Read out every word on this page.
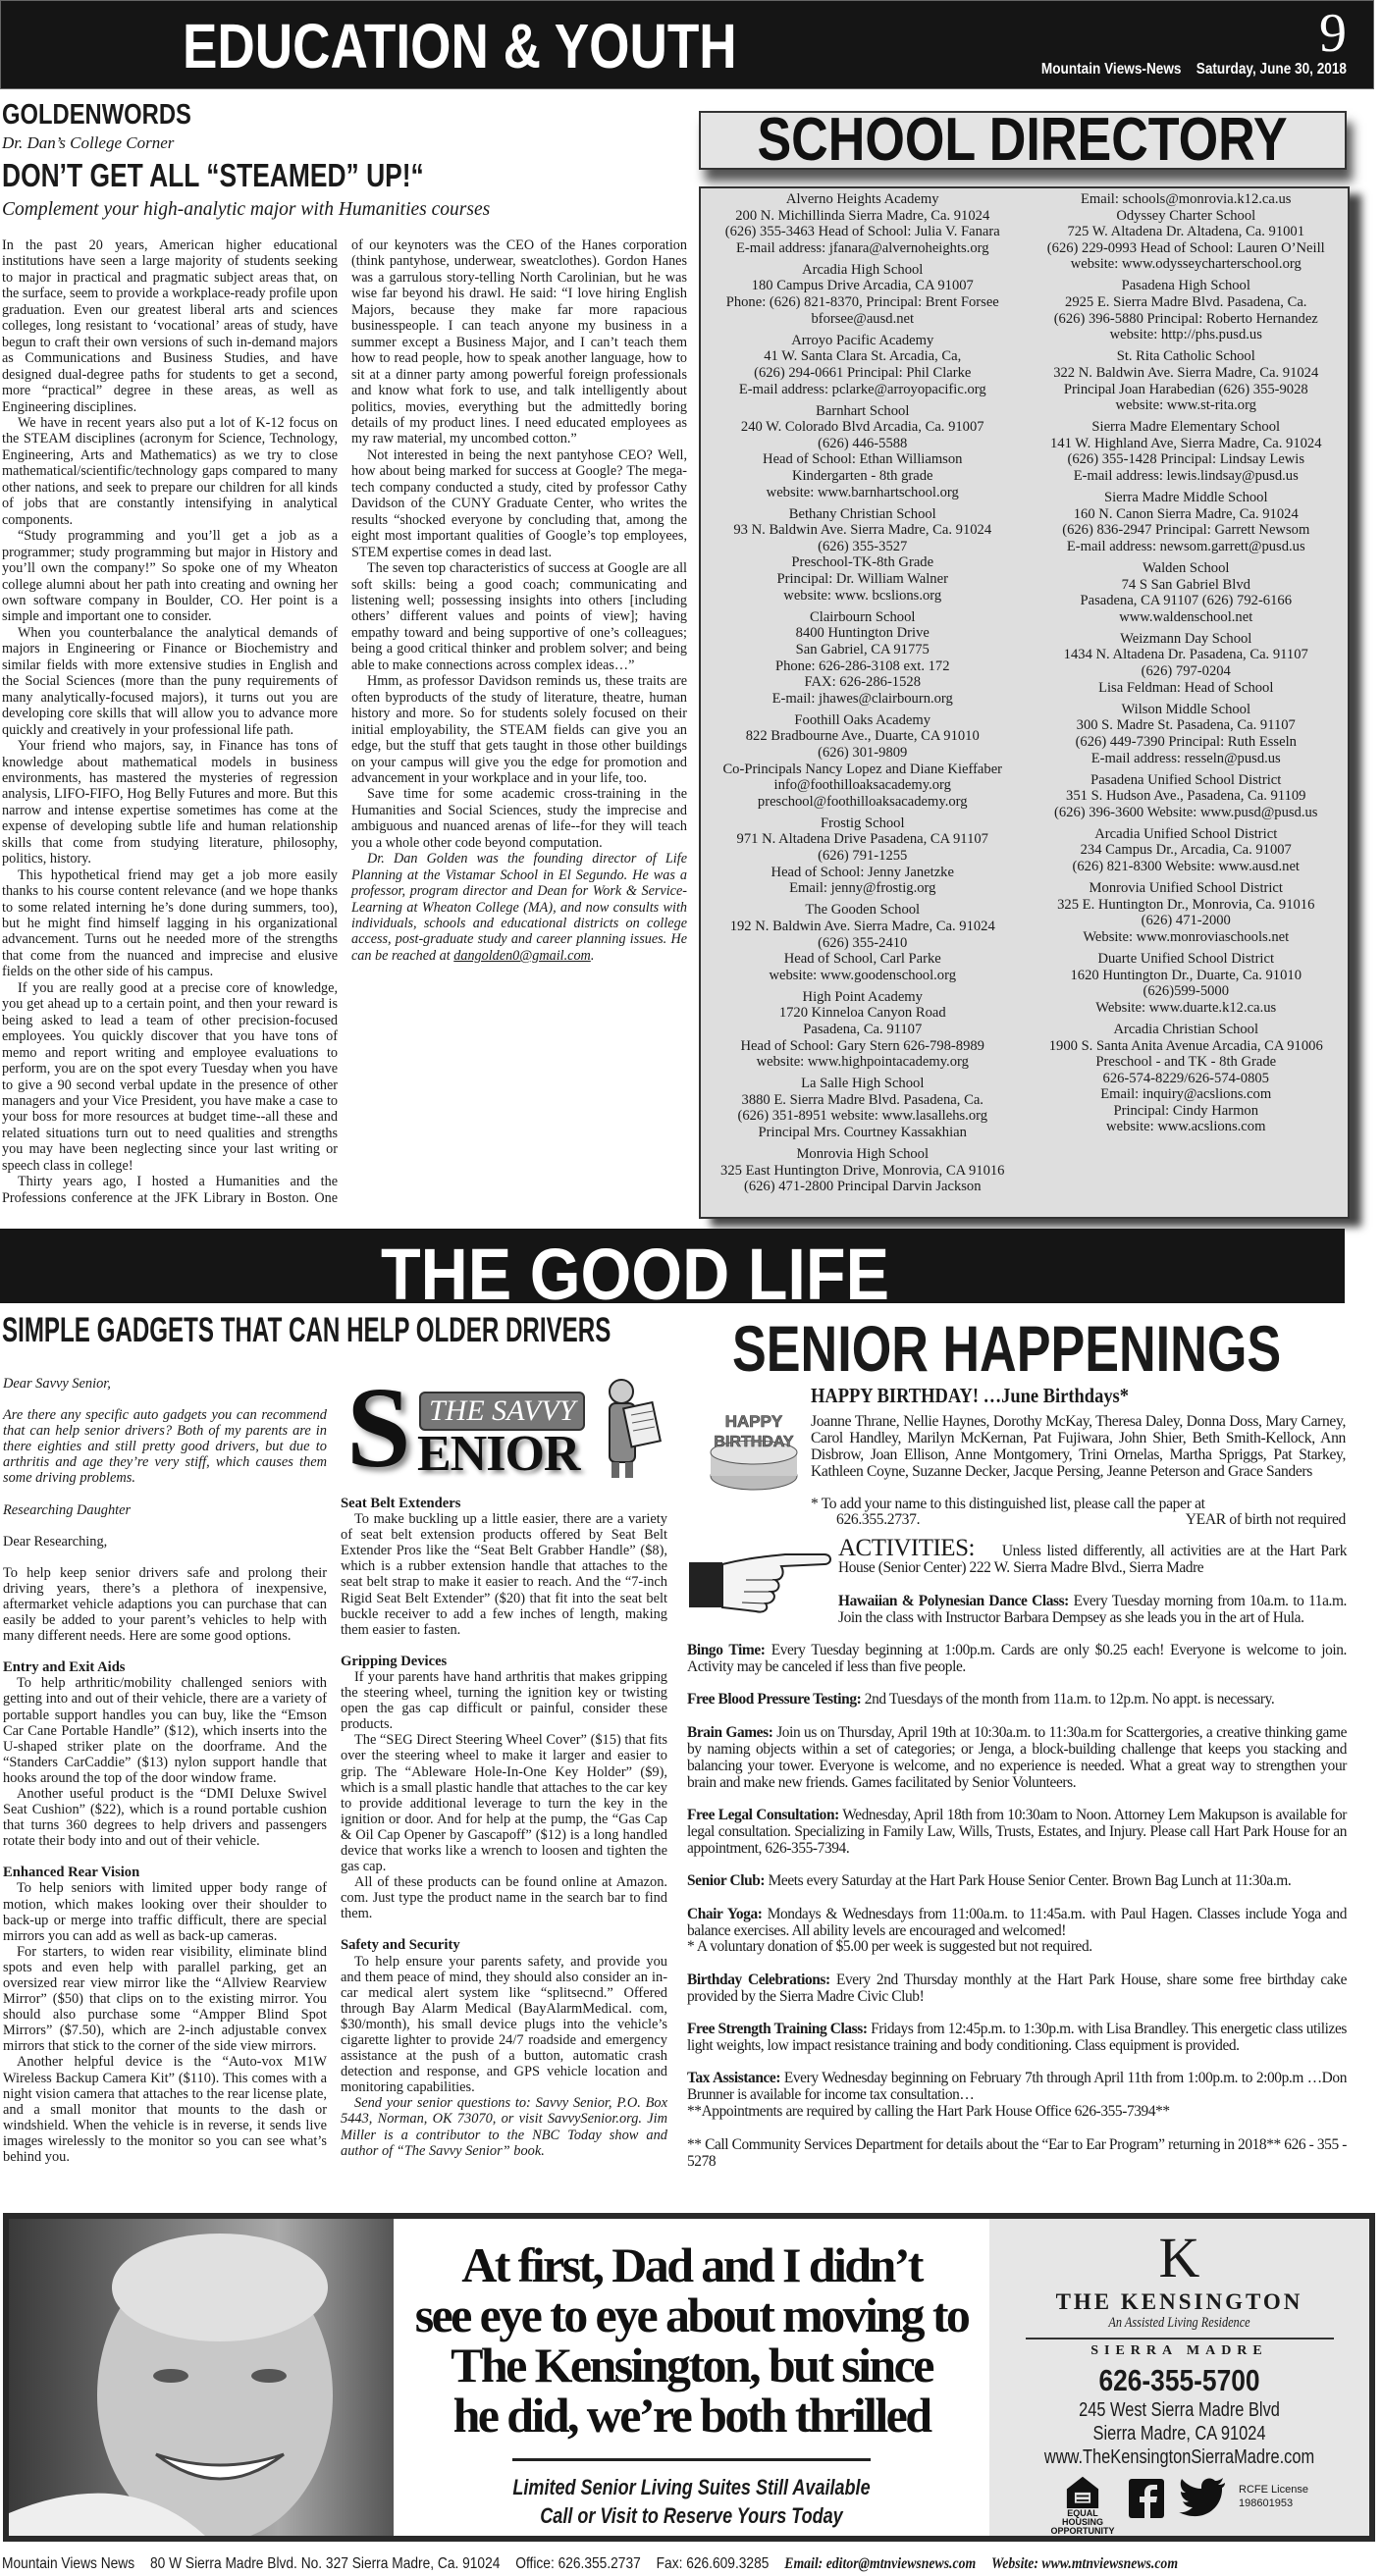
EDUCATION & YOUTH	9
Mountain Views-News Saturday, June 30, 2018
GOLDENWORDS
Dr. Dan’s College Corner
DON’T GET ALL “STEAMED” UP!“
Complement your high-analytic major with Humanities courses

In the past 20 years, American higher educational institutions have seen a large majority of students seeking to major in practical and pragmatic subject areas that, on the surface, seem to provide a workplace-ready profile upon graduation. Even our greatest liberal arts and sciences colleges, long resistant to ‘vocational’ areas of study, have begun to craft their own versions of such in-demand majors as Communications and Business Studies, and have designed dual-degree paths for students to get a second, more “practical” degree in these areas, as well as Engineering disciplines.

We have in recent years also put a lot of K-12 focus on the STEAM disciplines (acronym for Science, Technology, Engineering, Arts and Mathematics) as we try to close mathematical/scientific/technology gaps compared to many other nations, and seek to prepare our children for all kinds of jobs that are constantly intensifying in analytical components.

“Study programming and you’ll get a job as a programmer; study programming but major in History and you’ll own the company!” So spoke one of my Wheaton college alumni about her path into creating and owning her own software company in Boulder, CO. Her point is a simple and important one to consider.

When you counterbalance the analytical demands of majors in Engineering or Finance or Biochemistry and similar fields with more extensive studies in English and the Social Sciences (more than the puny requirements of many analytically-focused majors), it turns out you are developing core skills that will allow you to advance more quickly and creatively in your professional life path.

Your friend who majors, say, in Finance has tons of knowledge about mathematical models in business environments, has mastered the mysteries of regression analysis, LIFO-FIFO, Hog Belly Futures and more. But this narrow and intense expertise sometimes has come at the expense of developing subtle life and human relationship skills that come from studying literature, philosophy, politics, history.

This hypothetical friend may get a job more easily thanks to his course content relevance (and we hope thanks to some related interning he’s done during summers, too), but he might find himself lagging in his organizational advancement. Turns out he needed more of the strengths that come from the nuanced and imprecise and elusive fields on the other side of his campus.

If you are really good at a precise core of knowledge, you get ahead up to a certain point, and then your reward is being asked to lead a team of other precision-focused employees. You quickly discover that you have tons of memo and report writing and employee evaluations to perform, you are on the spot every Tuesday when you have to give a 90 second verbal update in the presence of other managers and your Vice President, you have make a case to your boss for more resources at budget time--all these and related situations turn out to need qualities and strengths you may have been neglecting since your last writing or speech class in college!

Thirty years ago, I hosted a Humanities and the Professions conference at the JFK Library in Boston. One of our keynoters was the CEO of the Hanes corporation (think pantyhose, underwear, sweatclothes). Gordon Hanes was a garrulous story-telling North Carolinian, but he was wise far beyond his drawl. He said: “I love hiring English Majors, because they make far more rapacious businesspeople. I can teach anyone my business in a summer except a Business Major, and I can’t teach them how to read people, how to speak another language, how to sit at a dinner party among powerful foreign professionals and know what fork to use, and talk intelligently about politics, movies, everything but the admittedly boring details of my product lines. I need educated employees as my raw material, my uncombed cotton.”

Not interested in being the next pantyhose CEO? Well, how about being marked for success at Google? The mega-tech company conducted a study, cited by professor Cathy Davidson of the CUNY Graduate Center, who writes the results “shocked everyone by concluding that, among the eight most important qualities of Google’s top employees, STEM expertise comes in dead last.

The seven top characteristics of success at Google are all soft skills: being a good coach; communicating and listening well; possessing insights into others [including others’ different values and points of view]; having empathy toward and being supportive of one’s colleagues; being a good critical thinker and problem solver; and being able to make connections across complex ideas…”

Hmm, as professor Davidson reminds us, these traits are often byproducts of the study of literature, theatre, human history and more. So for students solely focused on their initial employability, the STEAM fields can give you an edge, but the stuff that gets taught in those other buildings on your campus will give you the edge for promotion and advancement in your workplace and in your life, too.

Save time for some academic cross-training in the Humanities and Social Sciences, study the imprecise and ambiguous and nuanced arenas of life--for they will teach you a whole other code beyond computation.

Dr. Dan Golden was the founding director of Life Planning at the Vistamar School in El Segundo. He was a professor, program director and Dean for Work & Service-Learning at Wheaton College (MA), and now consults with individuals, schools and educational districts on college access, post-graduate study and career planning issues. He can be reached at dangolden0@gmail.com.

SCHOOL DIRECTORY
Alverno Heights Academy
200 N. Michillinda Sierra Madre, Ca. 91024
(626) 355-3463 Head of School: Julia V. Fanara
E-mail address: jfanara@alvernoheights.org
Arcadia High School
180 Campus Drive Arcadia, CA 91007
Phone: (626) 821-8370, Principal: Brent Forsee
bforsee@ausd.net
Arroyo Pacific Academy
41 W. Santa Clara St. Arcadia, Ca,
(626) 294-0661 Principal: Phil Clarke
E-mail address: pclarke@arroyopacific.org
Barnhart School
240 W. Colorado Blvd Arcadia, Ca. 91007
(626) 446-5588
Head of School: Ethan Williamson
Kindergarten - 8th grade
website: www.barnhartschool.org
Bethany Christian School
93 N. Baldwin Ave. Sierra Madre, Ca. 91024
(626) 355-3527
Preschool-TK-8th Grade
Principal: Dr. William Walner
website: www. bcslions.org
Clairbourn School
8400 Huntington Drive
San Gabriel, CA 91775
Phone: 626-286-3108 ext. 172
FAX: 626-286-1528
E-mail: jhawes@clairbourn.org
Foothill Oaks Academy
822 Bradbourne Ave., Duarte, CA 91010
(626) 301-9809
Co-Principals Nancy Lopez and Diane Kieffaber
info@foothilloaksacademy.org
preschool@foothilloaksacademy.org
Frostig School
971 N. Altadena Drive Pasadena, CA 91107
(626) 791-1255
Head of School: Jenny Janetzke
Email: jenny@frostig.org
The Gooden School
192 N. Baldwin Ave. Sierra Madre, Ca. 91024
(626) 355-2410
Head of School, Carl Parke
website: www.goodenschool.org
High Point Academy
1720 Kinneloa Canyon Road
Pasadena, Ca. 91107
Head of School: Gary Stern 626-798-8989
website: www.highpointacademy.org
La Salle High School
3880 E. Sierra Madre Blvd. Pasadena, Ca.
(626) 351-8951 website: www.lasallehs.org
Principal Mrs. Courtney Kassakhian
Monrovia High School
325 East Huntington Drive, Monrovia, CA 91016
(626) 471-2800 Principal Darvin Jackson
Email: schools@monrovia.k12.ca.us
Odyssey Charter School
725 W. Altadena Dr. Altadena, Ca. 91001
(626) 229-0993 Head of School: Lauren O’Neill
website: www.odysseycharterschool.org
Pasadena High School
2925 E. Sierra Madre Blvd. Pasadena, Ca.
(626) 396-5880 Principal: Roberto Hernandez
website: http://phs.pusd.us
St. Rita Catholic School
322 N. Baldwin Ave. Sierra Madre, Ca. 91024
Principal Joan Harabedian (626) 355-9028
website: www.st-rita.org
Sierra Madre Elementary School
141 W. Highland Ave, Sierra Madre, Ca. 91024
(626) 355-1428 Principal: Lindsay Lewis
E-mail address: lewis.lindsay@pusd.us
Sierra Madre Middle School
160 N. Canon Sierra Madre, Ca. 91024
(626) 836-2947 Principal: Garrett Newsom
E-mail address: newsom.garrett@pusd.us
Walden School
74 S San Gabriel Blvd
Pasadena, CA 91107 (626) 792-6166
www.waldenschool.net
Weizmann Day School
1434 N. Altadena Dr. Pasadena, Ca. 91107
(626) 797-0204
Lisa Feldman: Head of School
Wilson Middle School
300 S. Madre St. Pasadena, Ca. 91107
(626) 449-7390 Principal: Ruth Esseln
E-mail address: resseln@pusd.us
Pasadena Unified School District
351 S. Hudson Ave., Pasadena, Ca. 91109
(626) 396-3600 Website: www.pusd@pusd.us
Arcadia Unified School District
234 Campus Dr., Arcadia, Ca. 91007
(626) 821-8300 Website: www.ausd.net
Monrovia Unified School District
325 E. Huntington Dr., Monrovia, Ca. 91016
(626) 471-2000
Website: www.monroviaschools.net
Duarte Unified School District
1620 Huntington Dr., Duarte, Ca. 91010
(626)599-5000
Website: www.duarte.k12.ca.us
Arcadia Christian School
1900 S. Santa Anita Avenue Arcadia, CA 91006
Preschool - and TK - 8th Grade
626-574-8229/626-574-0805
Email: inquiry@acslions.com
Principal: Cindy Harmon
website: www.acslions.com
THE GOOD LIFE
SIMPLE GADGETS THAT CAN HELP OLDER DRIVERS

Dear Savvy Senior,

Are there any specific auto gadgets you can recommend that can help senior drivers? Both of my parents are in there eighties and still pretty good drivers, but due to arthritis and age they’re very stiff, which causes them some driving problems.

Researching Daughter

Dear Researching,

To help keep senior drivers safe and prolong their driving years, there’s a plethora of inexpensive, aftermarket vehicle adaptions you can purchase that can easily be added to your parent’s vehicles to help with many different needs. Here are some good options.

Entry and Exit Aids

To help arthritic/mobility challenged seniors with getting into and out of their vehicle, there are a variety of portable support handles you can buy, like the “Emson Car Cane Portable Handle” ($12), which inserts into the U-shaped striker plate on the doorframe. And the “Standers CarCaddie” ($13) nylon support handle that hooks around the top of the door window frame.

Another useful product is the “DMI Deluxe Swivel Seat Cushion” ($22), which is a round portable cushion that turns 360 degrees to help drivers and passengers rotate their body into and out of their vehicle.

Enhanced Rear Vision

To help seniors with limited upper body range of motion, which makes looking over their shoulder to back-up or merge into traffic difficult, there are special mirrors you can add as well as back-up cameras.

For starters, to widen rear visibility, eliminate blind spots and even help with parallel parking, get an oversized rear view mirror like the “Allview Rearview Mirror” ($50) that clips on to the existing mirror. You should also purchase some “Ampper Blind Spot Mirrors” ($7.50), which are 2-inch adjustable convex mirrors that stick to the corner of the side view mirrors.

Another helpful device is the “Auto-vox M1W Wireless Backup Camera Kit” ($110). This comes with a night vision camera that attaches to the rear license plate, and a small monitor that mounts to the dash or windshield. When the vehicle is in reverse, it sends live images wirelessly to the monitor so you can see what’s behind you.

S THE SAVVY
ENIOR
Seat Belt Extenders

To make buckling up a little easier, there are a variety of seat belt extension products offered by Seat Belt Extender Pros like the “Seat Belt Grabber Handle” ($8), which is a rubber extension handle that attaches to the seat belt strap to make it easier to reach. And the “7-inch Rigid Seat Belt Extender” ($20) that fit into the seat belt buckle receiver to add a few inches of length, making them easier to fasten.

Gripping Devices

If your parents have hand arthritis that makes gripping the steering wheel, turning the ignition key or twisting open the gas cap difficult or painful, consider these products.

The “SEG Direct Steering Wheel Cover” ($15) that fits over the steering wheel to make it larger and easier to grip. The “Ableware Hole-In-One Key Holder” ($9), which is a small plastic handle that attaches to the car key to provide additional leverage to turn the key in the ignition or door. And for help at the pump, the “Gas Cap & Oil Cap Opener by Gascapoff” ($12) is a long handled device that works like a wrench to loosen and tighten the gas cap.

All of these products can be found online at Amazon. com. Just type the product name in the search bar to find them.

Safety and Security

To help ensure your parents safety, and provide you and them peace of mind, they should also consider an in-car medical alert system like “splitsecnd.” Offered through Bay Alarm Medical (BayAlarmMedical. com, $30/month), his small device plugs into the vehicle’s cigarette lighter to provide 24/7 roadside and emergency assistance at the push of a button, automatic crash detection and response, and GPS vehicle location and monitoring capabilities.

Send your senior questions to: Savvy Senior, P.O. Box 5443, Norman, OK 73070, or visit SavvySenior.org. Jim Miller is a contributor to the NBC Today show and author of “The Savvy Senior” book.

SENIOR HAPPENINGS
HAPPY
BIRTHDAY
HAPPY BIRTHDAY! …June Birthdays*
Joanne Thrane, Nellie Haynes, Dorothy McKay, Theresa Daley, Donna Doss, Mary Carney, Carol Handley, Marilyn McKernan, Pat Fujiwara, John Shier, Beth Smith-Kellock, Ann Disbrow, Joan Ellison, Anne Montgomery, Trini Ornelas, Martha Spriggs, Pat Starkey, Kathleen Coyne, Suzanne Decker, Jacque Persing, Jeanne Peterson and Grace Sanders
* To add your name to this distinguished list, please call the paper at
626.355.2737.	YEAR of birth not required
ACTIVITIES: Unless listed differently, all activities are at the Hart Park House (Senior Center) 222 W. Sierra Madre Blvd., Sierra Madre
Hawaiian & Polynesian Dance Class: Every Tuesday morning from 10a.m. to 11a.m. Join the class with Instructor Barbara Dempsey as she leads you in the art of Hula.
Bingo Time: Every Tuesday beginning at 1:00p.m. Cards are only $0.25 each! Everyone is welcome to join. Activity may be canceled if less than five people.
Free Blood Pressure Testing: 2nd Tuesdays of the month from 11a.m. to 12p.m. No appt. is necessary.
Brain Games: Join us on Thursday, April 19th at 10:30a.m. to 11:30a.m for Scattergories, a creative thinking game by naming objects within a set of categories; or Jenga, a block-building challenge that keeps you stacking and balancing your tower. Everyone is welcome, and no experience is needed. What a great way to strengthen your brain and make new friends. Games facilitated by Senior Volunteers.
Free Legal Consultation: Wednesday, April 18th from 10:30am to Noon. Attorney Lem Makupson is available for legal consultation. Specializing in Family Law, Wills, Trusts, Estates, and Injury. Please call Hart Park House for an appointment, 626-355-7394.
Senior Club: Meets every Saturday at the Hart Park House Senior Center. Brown Bag Lunch at 11:30a.m.
Chair Yoga: Mondays & Wednesdays from 11:00a.m. to 11:45a.m. with Paul Hagen. Classes include Yoga and balance exercises. All ability levels are encouraged and welcomed!
* A voluntary donation of $5.00 per week is suggested but not required.
Birthday Celebrations: Every 2nd Thursday monthly at the Hart Park House, share some free birthday cake provided by the Sierra Madre Civic Club!
Free Strength Training Class: Fridays from 12:45p.m. to 1:30p.m. with Lisa Brandley. This energetic class utilizes light weights, low impact resistance training and body conditioning. Class equipment is provided.
Tax Assistance: Every Wednesday beginning on February 7th through April 11th from 1:00p.m. to 2:00p.m …Don Brunner is available for income tax consultation…
**Appointments are required by calling the Hart Park House Office 626-355-7394**
** Call Community Services Department for details about the “Ear to Ear Program” returning in 2018** 626 - 355 - 5278
At first, Dad and I didn’t
see eye to eye about moving to
The Kensington, but since
he did, we’re both thrilled
Limited Senior Living Suites Still Available
Call or Visit to Reserve Yours Today
K
THE KENSINGTON
An Assisted Living Residence
SIERRA MADRE
626-355-5700
245 West Sierra Madre Blvd
Sierra Madre, CA 91024
www.TheKensingtonSierraMadre.com
EQUAL HOUSING OPPORTUNITY
RCFE License
198601953
Mountain Views News 80 W Sierra Madre Blvd. No. 327 Sierra Madre, Ca. 91024 Office: 626.355.2737 Fax: 626.609.3285 Email: editor@mtnviewsnews.com Website: www.mtnviewsnews.com
